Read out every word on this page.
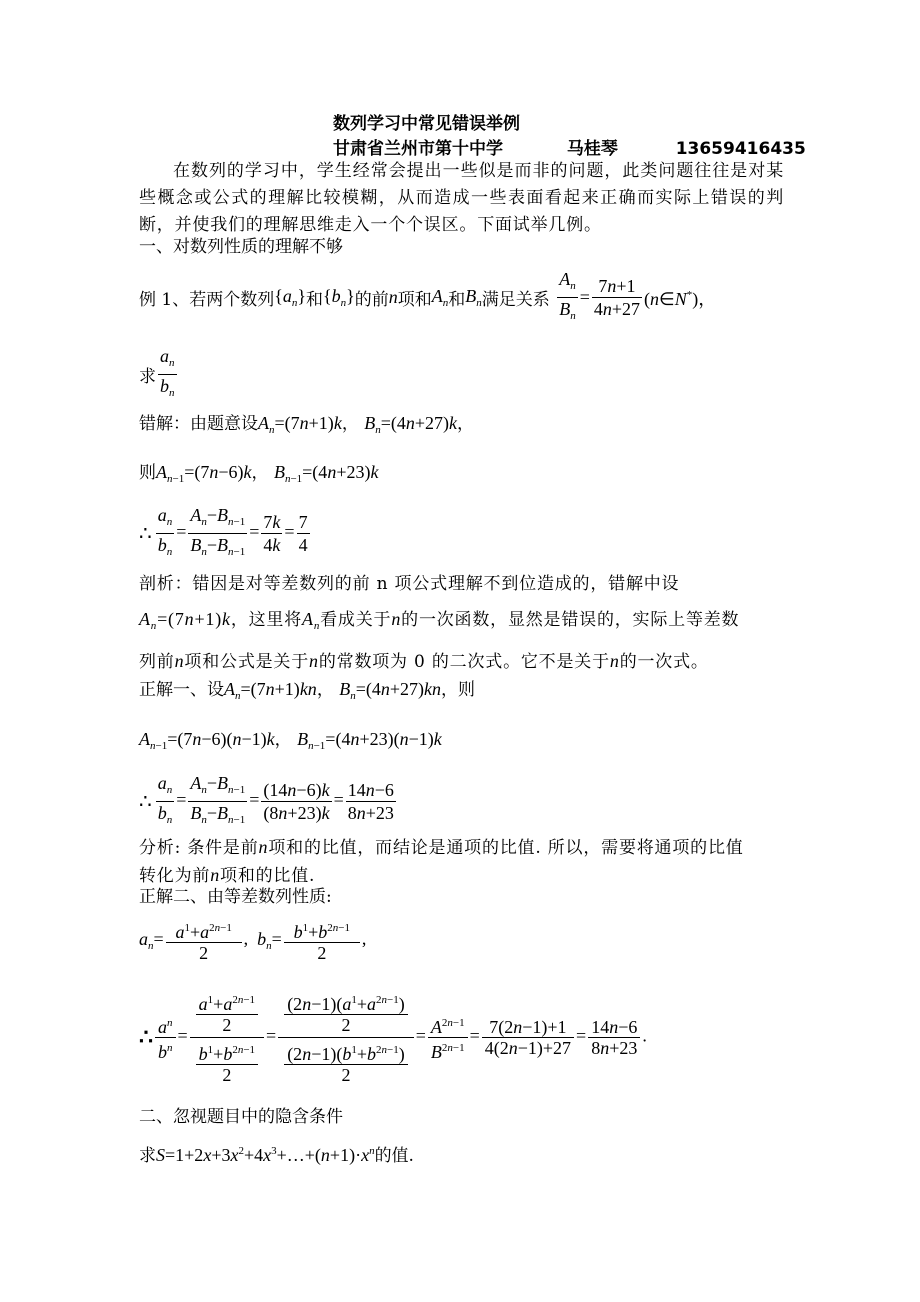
数列学习中常见错误举例
甘肃省兰州市第十中学	马桂琴	13659416435
在数列的学习中，学生经常会提出一些似是而非的问题，此类问题往往是对某些概念或公式的理解比较模糊，从而造成一些表面看起来正确而实际上错误的判断，并使我们的理解思维走入一个个误区。下面试举几例。
一、对数列性质的理解不够
例 1、若两个数列$\{a_n\}$和$\{b_n\}$的前n项和$A_n$和$B_n$满足关系 $\frac{A_n}{B_n} = \frac{7n+1}{4n+27}$ (n∈N*)，
求 $\frac{a_n}{b_n}$
错解：由题意设$A_n=(7n+1)k$， $B_n=(4n+27)k$，
则$A_{n-1}=(7n-6)k$， $B_{n-1}=(4n+23)k$
∴ $\frac{a_n}{b_n} = \frac{A_n-B_{n-1}}{B_n-B_{n-1}} = \frac{7k}{4k} = \frac{7}{4}$
剖析：错因是对等差数列的前 n 项公式理解不到位造成的，错解中设
$A_n=(7n+1)k$，这里将$A_n$看成关于n的一次函数，显然是错误的，实际上等差数
列前n项和公式是关于n的常数项为 0 的二次式。它不是关于n的一次式。
正解一、设$A_n=(7n+1)kn$， $B_n=(4n+27)kn$，则
$A_{n-1}=(7n-6)(n-1)k$， $B_{n-1}=(4n+23)(n-1)k$
∴ $\frac{a_n}{b_n} = \frac{A_n-B_{n-1}}{B_n-B_{n-1}} = \frac{(14n-6)k}{(8n+23)k} = \frac{14n-6}{8n+23}$
分析: 条件是前n项和的比值，而结论是通项的比值. 所以，需要将通项的比值
转化为前n项和的比值.
正解二、由等差数列性质:
$a_n= \frac{a^1+a^{2n-1}}{2}$ ,  $b_n= \frac{b^1+b^{2n-1}}{2}$ ,
∴ $\frac{a^n}{b^n} = \frac{\frac{a^1+a^{2n-1}}{2}}{\frac{b^1+b^{2n-1}}{2}} = \frac{\frac{(2n-1)(a^1+a^{2n-1})}{2}}{\frac{(2n-1)(b^1+b^{2n-1})}{2}} = \frac{A^{2n-1}}{B^{2n-1}} = \frac{7(2n-1)+1}{4(2n-1)+27} = \frac{14n-6}{8n+23}$ .
二、忽视题目中的隐含条件
求$S=1+2x+3x^2+4x^3+\dots+(n+1)\cdot x^n$的值.
